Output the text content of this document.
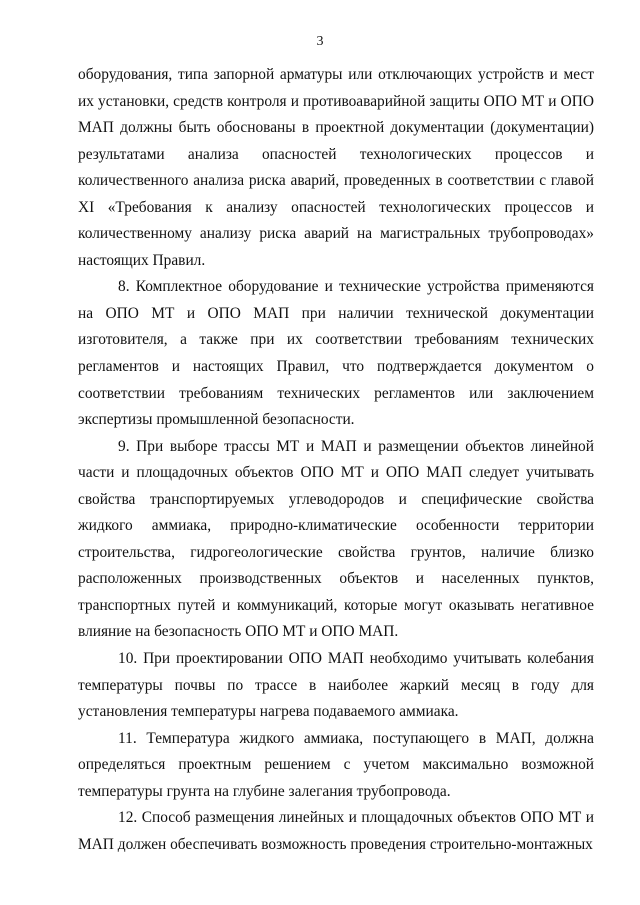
3

оборудования, типа запорной арматуры или отключающих устройств и мест их установки, средств контроля и противоаварийной защиты ОПО МТ и ОПО МАП должны быть обоснованы в проектной документации (документации) результатами анализа опасностей технологических процессов и количественного анализа риска аварий, проведенных в соответствии с главой XI «Требования к анализу опасностей технологических процессов и количественному анализу риска аварий на магистральных трубопроводах» настоящих Правил.

8. Комплектное оборудование и технические устройства применяются на ОПО МТ и ОПО МАП при наличии технической документации изготовителя, а также при их соответствии требованиям технических регламентов и настоящих Правил, что подтверждается документом о соответствии требованиям технических регламентов или заключением экспертизы промышленной безопасности.

9. При выборе трассы МТ и МАП и размещении объектов линейной части и площадочных объектов ОПО МТ и ОПО МАП следует учитывать свойства транспортируемых углеводородов и специфические свойства жидкого аммиака, природно-климатические особенности территории строительства, гидрогеологические свойства грунтов, наличие близко расположенных производственных объектов и населенных пунктов, транспортных путей и коммуникаций, которые могут оказывать негативное влияние на безопасность ОПО МТ и ОПО МАП.

10. При проектировании ОПО МАП необходимо учитывать колебания температуры почвы по трассе в наиболее жаркий месяц в году для установления температуры нагрева подаваемого аммиака.

11. Температура жидкого аммиака, поступающего в МАП, должна определяться проектным решением с учетом максимально возможной температуры грунта на глубине залегания трубопровода.

12. Способ размещения линейных и площадочных объектов ОПО МТ и МАП должен обеспечивать возможность проведения строительно-монтажных
